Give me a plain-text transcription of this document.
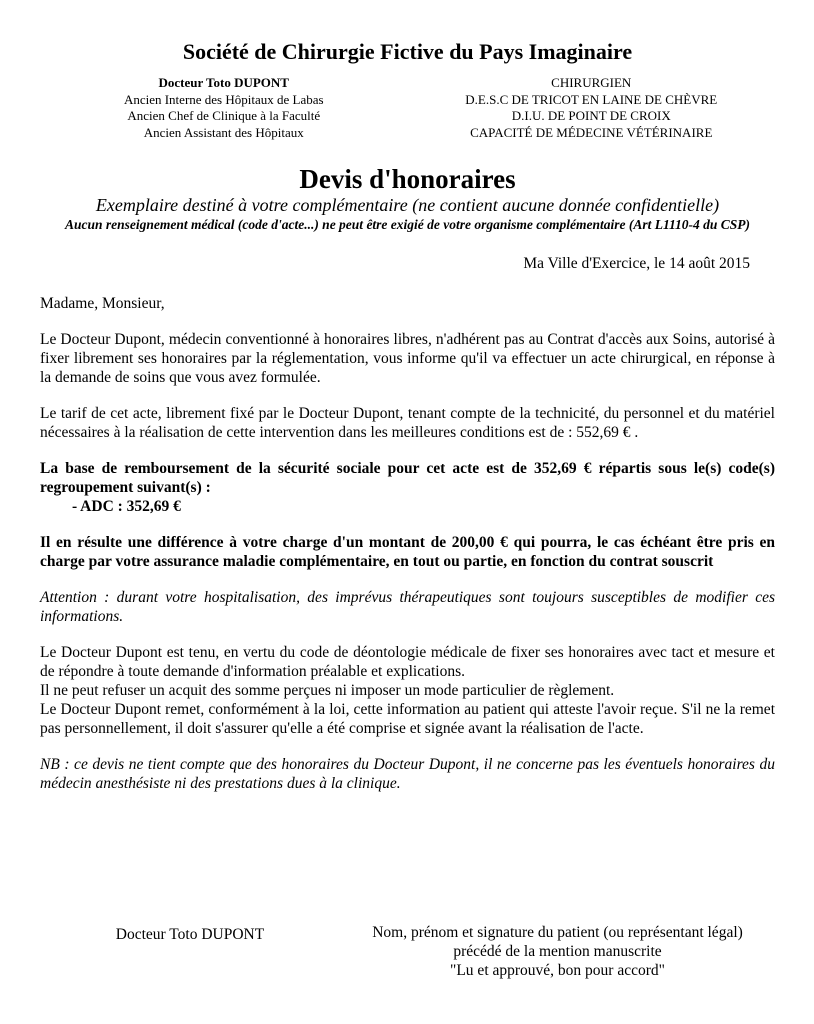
Société de Chirurgie Fictive du Pays Imaginaire
Docteur Toto DUPONT
Ancien Interne des Hôpitaux de Labas
Ancien Chef de Clinique à la Faculté
Ancien Assistant des Hôpitaux
CHIRURGIEN
D.E.S.C DE TRICOT EN LAINE DE CHÈVRE
D.I.U. DE POINT DE CROIX
CAPACITÉ DE MÉDECINE VÉTÉRINAIRE
Devis d'honoraires
Exemplaire destiné à votre complémentaire (ne contient aucune donnée confidentielle)
Aucun renseignement médical (code d'acte...) ne peut être exigié de votre organisme complémentaire (Art L1110-4 du CSP)
Ma Ville d'Exercice, le 14 août 2015
Madame, Monsieur,

Le Docteur Dupont, médecin conventionné à honoraires libres, n'adhérent pas au Contrat d'accès aux Soins, autorisé à fixer librement ses honoraires par la réglementation, vous informe qu'il va effectuer un acte chirurgical, en réponse à la demande de soins que vous avez formulée.

Le tarif de cet acte, librement fixé par le Docteur Dupont, tenant compte de la technicité, du personnel et du matériel nécessaires à la réalisation de cette intervention dans les meilleures conditions est de : 552,69 € .

La base de remboursement de la sécurité sociale pour cet acte est de 352,69 € répartis sous le(s) code(s) regroupement suivant(s) :

- ADC : 352,69 €

Il en résulte une différence à votre charge d'un montant de 200,00 € qui pourra, le cas échéant être pris en charge par votre assurance maladie complémentaire, en tout ou partie, en fonction du contrat souscrit

Attention : durant votre hospitalisation, des imprévus thérapeutiques sont toujours susceptibles de modifier ces informations.

Le Docteur Dupont est tenu, en vertu du code de déontologie médicale de fixer ses honoraires avec tact et mesure et de répondre à toute demande d'information préalable et explications.

Il ne peut refuser un acquit des somme perçues ni imposer un mode particulier de règlement.

Le Docteur Dupont remet, conformément à la loi, cette information au patient qui atteste l'avoir reçue. S'il ne la remet pas personnellement, il doit s'assurer qu'elle a été comprise et signée avant la réalisation de l'acte.

NB : ce devis ne tient compte que des honoraires du Docteur Dupont, il ne concerne pas les éventuels honoraires du médecin anesthésiste ni des prestations dues à la clinique.

Docteur Toto DUPONT	Nom, prénom et signature du patient (ou représentant légal)
précédé de la mention manuscrite
"Lu et approuvé, bon pour accord"
